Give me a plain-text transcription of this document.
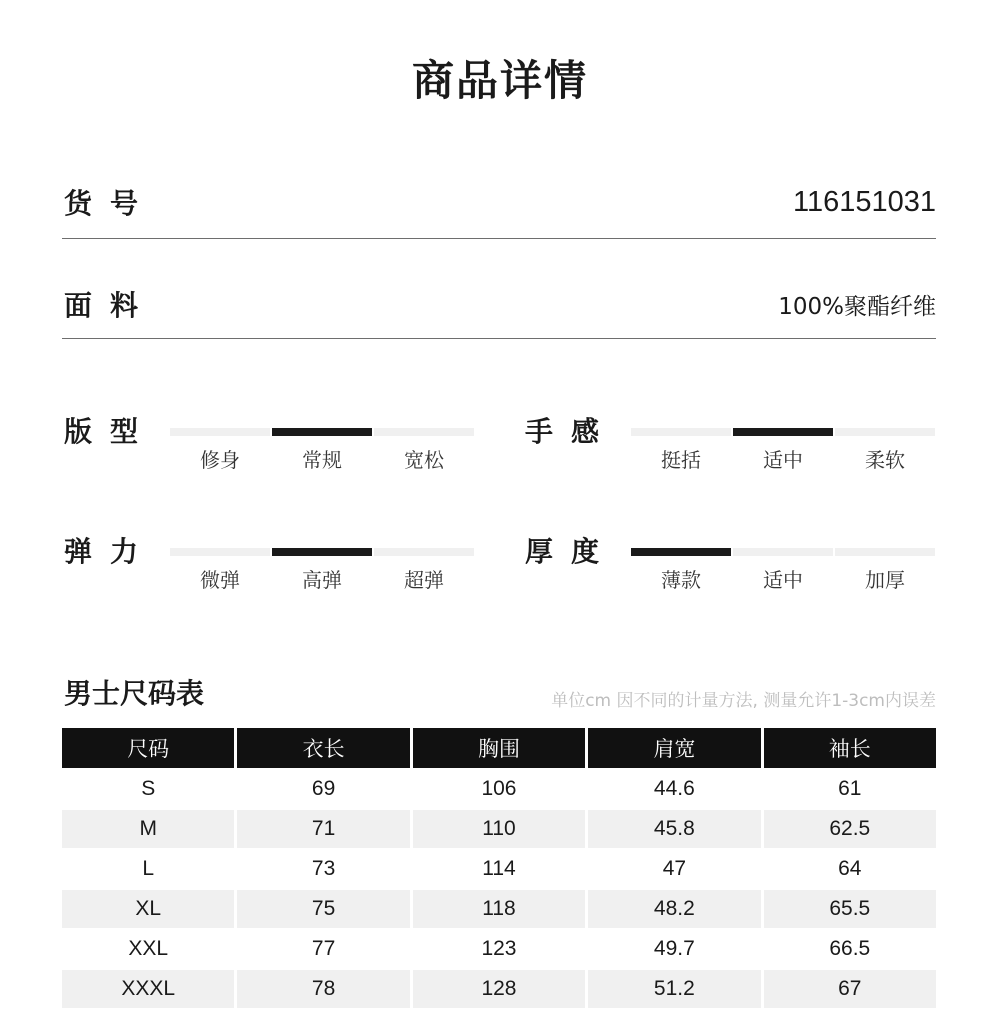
商品详情
货号	116151031
面料	100%聚酯纤维
版型
修身	常规	宽松
手感
挺括	适中	柔软
弹力
微弹	高弹	超弹
厚度
薄款	适中	加厚
男士尺码表	单位cm 因不同的计量方法, 测量允许1-3cm内误差
尺码	衣长	胸围	肩宽	袖长
S	69	106	44.6	61
M	71	110	45.8	62.5
L	73	114	47	64
XL	75	118	48.2	65.5
XXL	77	123	49.7	66.5
XXXL	78	128	51.2	67
